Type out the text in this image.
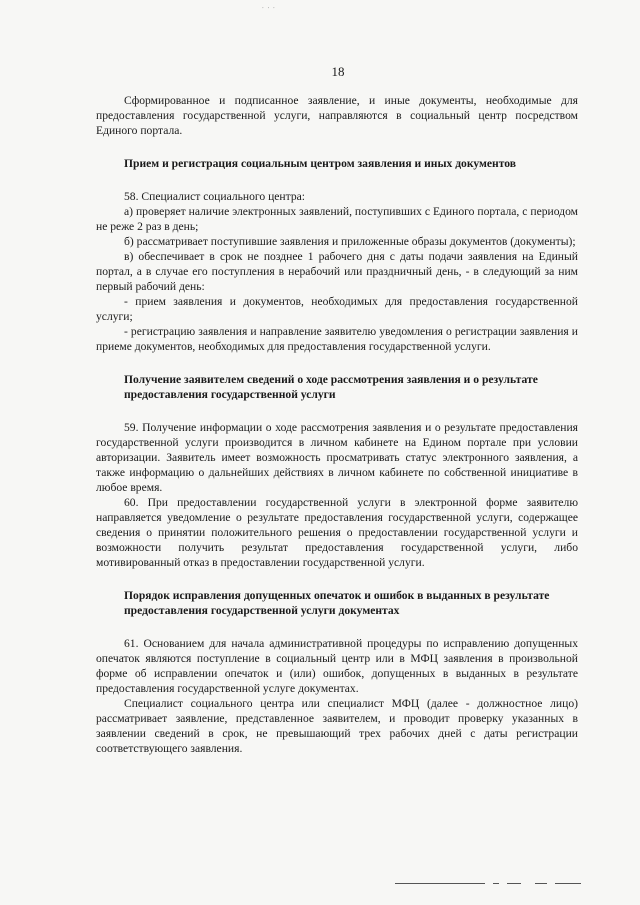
∙ ∙ ∙
18

Сформированное и подписанное заявление, и иные документы, необходимые для предоставления государственной услуги, направляются в социальный центр посредством Единого портала.

Прием и регистрация социальным центром заявления и иных документов

58. Специалист социального центра:

а) проверяет наличие электронных заявлений, поступивших с Единого портала, с периодом не реже 2 раз в день;

б) рассматривает поступившие заявления и приложенные образы документов (документы);

в) обеспечивает в срок не позднее 1 рабочего дня с даты подачи заявления на Единый портал, а в случае его поступления в нерабочий или праздничный день, - в следующий за ним первый рабочий день:

- прием заявления и документов, необходимых для предоставления государственной услуги;

- регистрацию заявления и направление заявителю уведомления о регистрации заявления и приеме документов, необходимых для предоставления государственной услуги.

Получение заявителем сведений о ходе рассмотрения заявления и о результате

предоставления государственной услуги

59. Получение информации о ходе рассмотрения заявления и о результате предоставления государственной услуги производится в личном кабинете на Едином портале при условии авторизации. Заявитель имеет возможность просматривать статус электронного заявления, а также информацию о дальнейших действиях в личном кабинете по собственной инициативе в любое время.

60. При предоставлении государственной услуги в электронной форме заявителю направляется уведомление о результате предоставления государственной услуги, содержащее сведения о принятии положительного решения о предоставлении государственной услуги и возможности получить результат предоставления государственной услуги, либо мотивированный отказ в предоставлении государственной услуги.

Порядок исправления допущенных опечаток и ошибок в выданных в результате

предоставления государственной услуги документах

61. Основанием для начала административной процедуры по исправлению допущенных опечаток являются поступление в социальный центр или в МФЦ заявления в произвольной форме об исправлении опечаток и (или) ошибок, допущенных в выданных в результате предоставления государственной услуге документах.

Специалист социального центра или специалист МФЦ (далее - должностное лицо) рассматривает заявление, представленное заявителем, и проводит проверку указанных в заявлении сведений в срок, не превышающий трех рабочих дней с даты регистрации соответствующего заявления.
